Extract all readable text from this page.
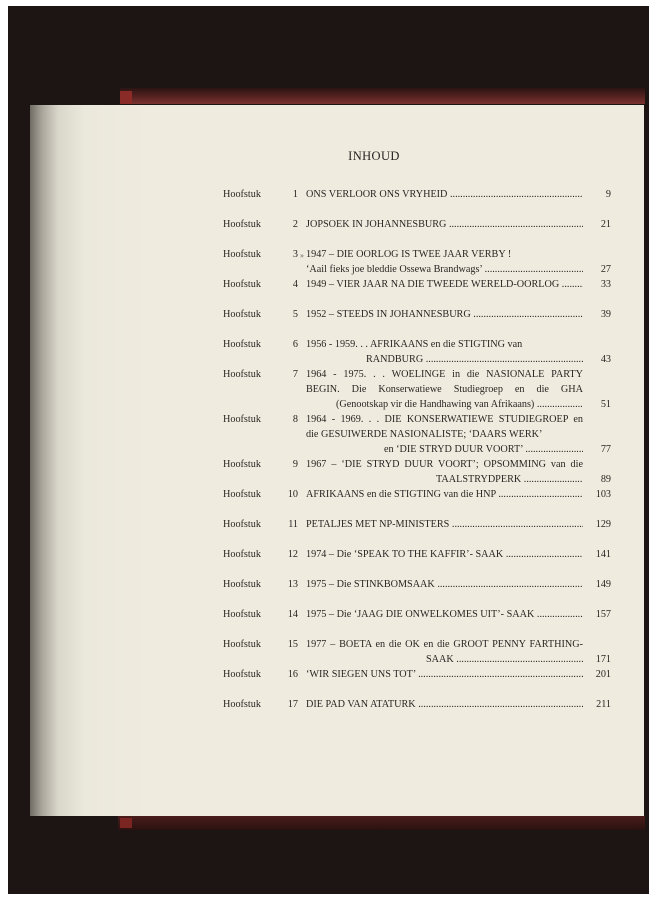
INHOUD
Hoofstuk	1 ONS VERLOOR ONS VRYHEID .....	9
Hoofstuk	2 JOPSOEK IN JOHANNESBURG .....	21
Hoofstuk	3 » 1947 – DIE OORLOG IS TWEE JAAR VERBY !
‘Aail fieks joe bleddie Ossewa Brandwags’ .....	27
Hoofstuk	4 1949 – VIER JAAR NA DIE TWEEDE WERELD-OORLOG .....	33
Hoofstuk	5 1952 – STEEDS IN JOHANNESBURG .....	39
Hoofstuk	6 1956 - 1959. . . AFRIKAANS en die STIGTING van
RANDBURG .....	43
Hoofstuk	7 1964 - 1975. . . WOELINGE in die NASIONALE PARTY
BEGIN. Die Konserwatiewe Studiegroep en die GHA
(Genootskap vir die Handhawing van Afrikaans) .....	51
Hoofstuk	8 1964 - 1969. . . DIE KONSERWATIEWE STUDIEGROEP en
die GESUIWERDE NASIONALISTE; ‘DAARS WERK’
en ‘DIE STRYD DUUR VOORT’ .....	77
Hoofstuk	9 1967 – ‘DIE STRYD DUUR VOORT’; OPSOMMING van die
TAALSTRYDPERK .....	89
Hoofstuk	10 AFRIKAANS en die STIGTING van die HNP .....	103
Hoofstuk	11 PETALJES MET NP-MINISTERS .....	129
Hoofstuk	12 1974 – Die ‘SPEAK TO THE KAFFIR’- SAAK .....	141
Hoofstuk	13 1975 – Die STINKBOMSAAK .....	149
Hoofstuk	14 1975 – Die ‘JAAG DIE ONWELKOMES UIT’- SAAK .....	157
Hoofstuk	15 1977 – BOETA en die OK en die GROOT PENNY FARTHING-
SAAK .....	171
Hoofstuk	16 ‘WIR SIEGEN UNS TOT’ .....	201
Hoofstuk	17 DIE PAD VAN ATATURK .....	211
